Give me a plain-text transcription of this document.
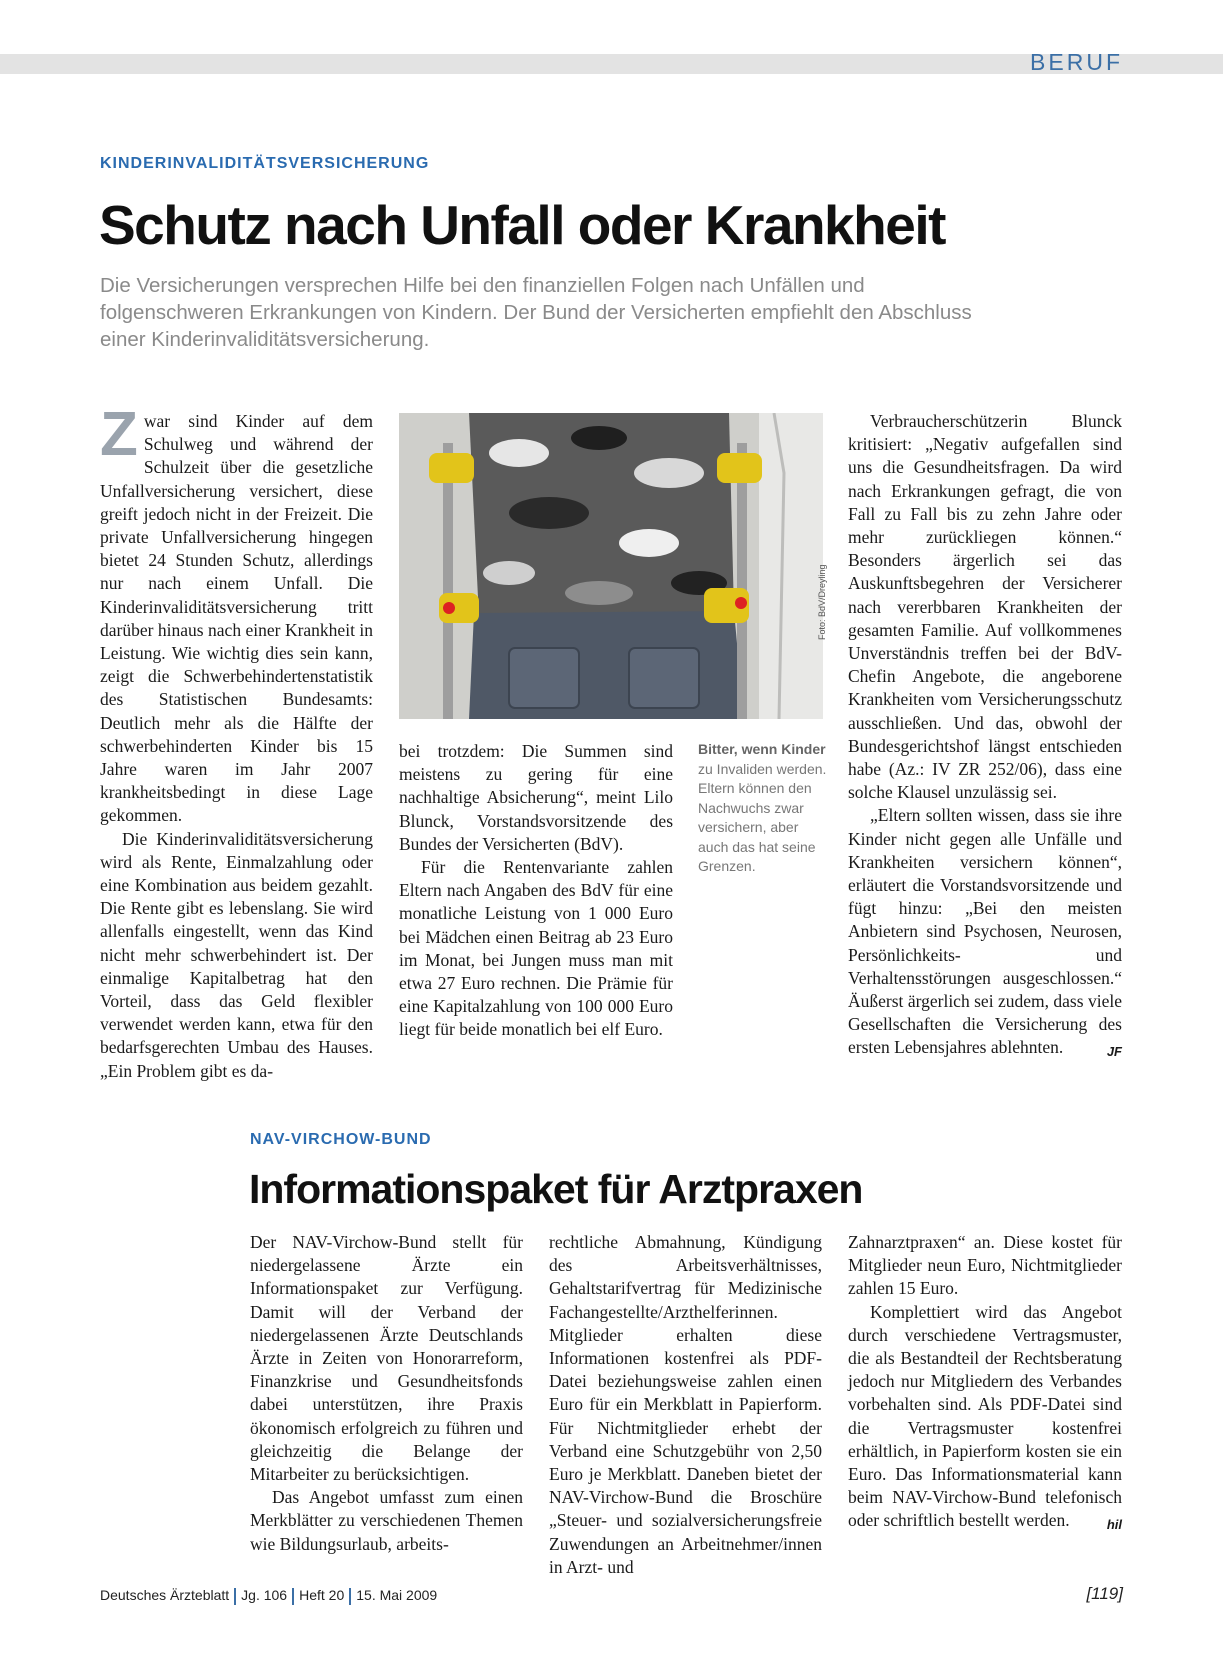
BERUF
KINDERINVALIDITÄTSVERSICHERUNG
Schutz nach Unfall oder Krankheit

Die Versicherungen versprechen Hilfe bei den finanziellen Folgen nach Unfällen und folgenschweren Erkrankungen von Kindern. Der Bund der Versicherten empfiehlt den Abschluss einer Kinderinvaliditätsversicherung.

Zwar sind Kinder auf dem Schulweg und während der Schulzeit über die gesetzliche Unfallversicherung versichert, diese greift jedoch nicht in der Freizeit. Die private Unfallversicherung hingegen bietet 24 Stunden Schutz, allerdings nur nach einem Unfall. Die Kinderinvaliditätsversicherung tritt darüber hinaus nach einer Krankheit in Leistung. Wie wichtig dies sein kann, zeigt die Schwerbehindertenstatistik des Statistischen Bundesamts: Deutlich mehr als die Hälfte der schwerbehinderten Kinder bis 15 Jahre waren im Jahr 2007 krankheitsbedingt in diese Lage gekommen.

Die Kinderinvaliditätsversicherung wird als Rente, Einmalzahlung oder eine Kombination aus beidem gezahlt. Die Rente gibt es lebenslang. Sie wird allenfalls eingestellt, wenn das Kind nicht mehr schwerbehindert ist. Der einmalige Kapitalbetrag hat den Vorteil, dass das Geld flexibler verwendet werden kann, etwa für den bedarfsgerechten Umbau des Hauses. „Ein Problem gibt es da-

Foto: BdV/Dreyling

bei trotzdem: Die Summen sind meistens zu gering für eine nachhaltige Absicherung“, meint Lilo Blunck, Vorstandsvorsitzende des Bundes der Versicherten (BdV).

Für die Rentenvariante zahlen Eltern nach Angaben des BdV für eine monatliche Leistung von 1 000 Euro bei Mädchen einen Beitrag ab 23 Euro im Monat, bei Jungen muss man mit etwa 27 Euro rechnen. Die Prämie für eine Kapitalzahlung von 100 000 Euro liegt für beide monatlich bei elf Euro.

Bitter, wenn Kinder zu Invaliden werden. Eltern können den Nachwuchs zwar versichern, aber auch das hat seine Grenzen.

Verbraucherschützerin Blunck kritisiert: „Negativ aufgefallen sind uns die Gesundheitsfragen. Da wird nach Erkrankungen gefragt, die von Fall zu Fall bis zu zehn Jahre oder mehr zurückliegen können.“ Besonders ärgerlich sei das Auskunftsbegehren der Versicherer nach vererbbaren Krankheiten der gesamten Familie. Auf vollkommenes Unverständnis treffen bei der BdV-Chefin Angebote, die angeborene Krankheiten vom Versicherungsschutz ausschließen. Und das, obwohl der Bundesgerichtshof längst entschieden habe (Az.: IV ZR 252/06), dass eine solche Klausel unzulässig sei.

„Eltern sollten wissen, dass sie ihre Kinder nicht gegen alle Unfälle und Krankheiten versichern können“, erläutert die Vorstandsvorsitzende und fügt hinzu: „Bei den meisten Anbietern sind Psychosen, Neurosen, Persönlichkeits- und Verhaltensstörungen ausgeschlossen.“ Äußerst ärgerlich sei zudem, dass viele Gesellschaften die Versicherung des ersten Lebensjahres ablehnten.	JF

NAV-VIRCHOW-BUND
Informationspaket für Arztpraxen

Der NAV-Virchow-Bund stellt für niedergelassene Ärzte ein Informationspaket zur Verfügung. Damit will der Verband der niedergelassenen Ärzte Deutschlands Ärzte in Zeiten von Honorarreform, Finanzkrise und Gesundheitsfonds dabei unterstützen, ihre Praxis ökonomisch erfolgreich zu führen und gleichzeitig die Belange der Mitarbeiter zu berücksichtigen.

Das Angebot umfasst zum einen Merkblätter zu verschiedenen Themen wie Bildungsurlaub, arbeits-

rechtliche Abmahnung, Kündigung des Arbeitsverhältnisses, Gehaltstarifvertrag für Medizinische Fachangestellte/Arzthelferinnen. Mitglieder erhalten diese Informationen kostenfrei als PDF-Datei beziehungsweise zahlen einen Euro für ein Merkblatt in Papierform. Für Nichtmitglieder erhebt der Verband eine Schutzgebühr von 2,50 Euro je Merkblatt. Daneben bietet der NAV-Virchow-Bund die Broschüre „Steuer- und sozialversicherungsfreie Zuwendungen an Arbeitnehmer/innen in Arzt- und

Zahnarztpraxen“ an. Diese kostet für Mitglieder neun Euro, Nichtmitglieder zahlen 15 Euro.

Komplettiert wird das Angebot durch verschiedene Vertragsmuster, die als Bestandteil der Rechtsberatung jedoch nur Mitgliedern des Verbandes vorbehalten sind. Als PDF-Datei sind die Vertragsmuster kostenfrei erhältlich, in Papierform kosten sie ein Euro. Das Informationsmaterial kann beim NAV-Virchow-Bund telefonisch oder schriftlich bestellt werden.	hil

Deutsches Ärzteblatt Jg. 106 Heft 20 15. Mai 2009	[119]
